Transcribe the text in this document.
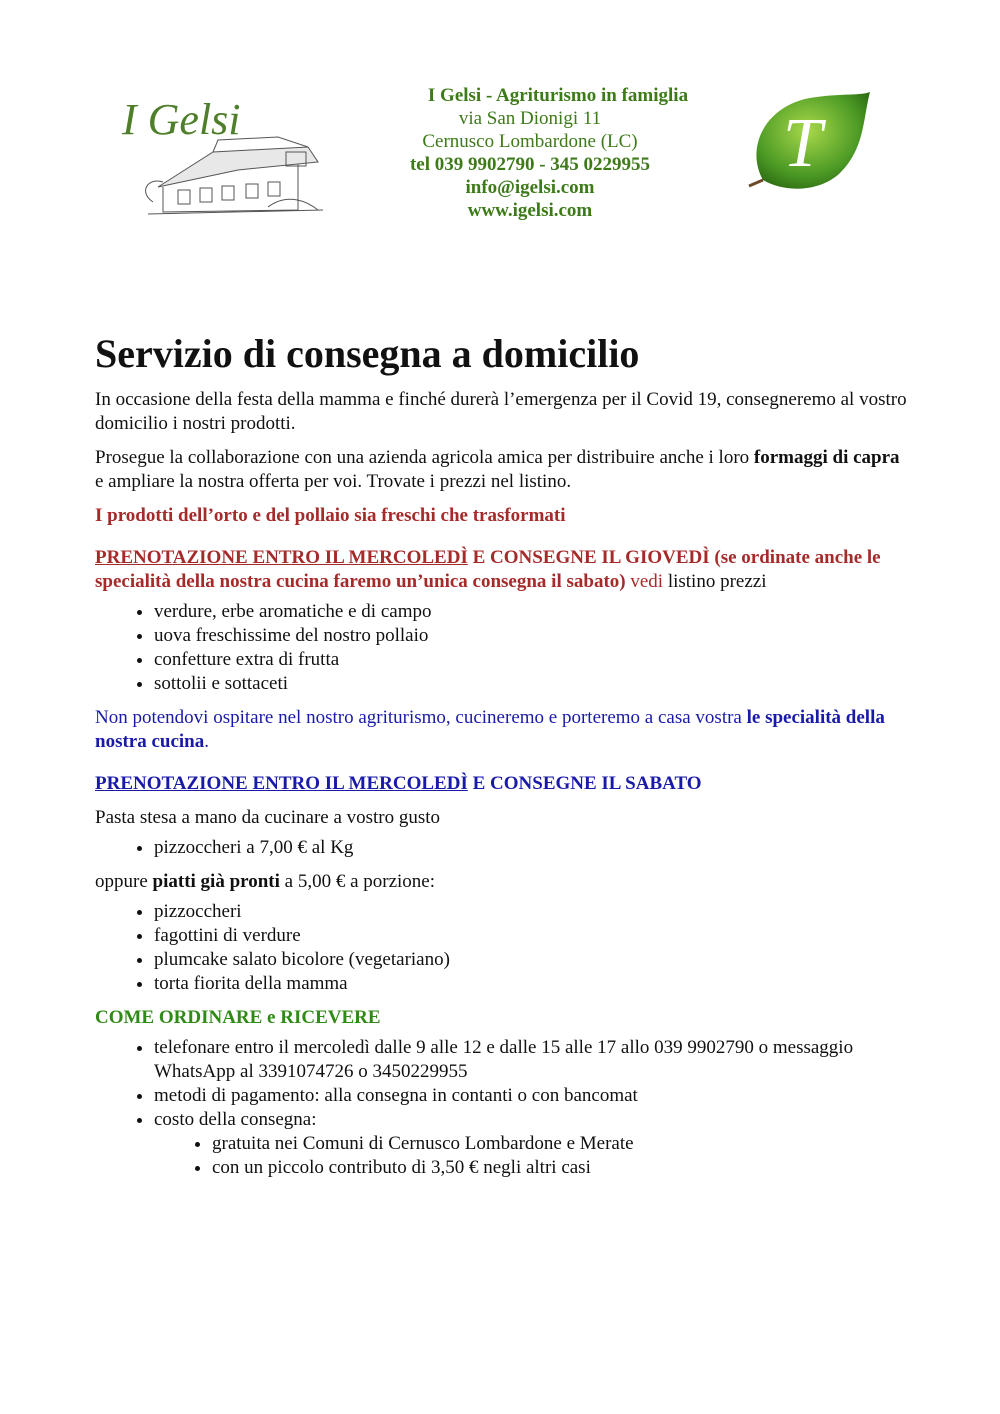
I Gelsi	I Gelsi - Agriturismo in famiglia
via San Dionigi 11
Cernusco Lombardone (LC)
tel 039 9902790 - 345 0229955
info@igelsi.com
www.igelsi.com
T
Servizio di consegna a domicilio

In occasione della festa della mamma e finché durerà l’emergenza per il Covid 19, consegneremo al vostro domicilio i nostri prodotti.

Prosegue la collaborazione con una azienda agricola amica per distribuire anche i loro formaggi di capra e ampliare la nostra offerta per voi. Trovate i prezzi nel listino.

I prodotti dell’orto e del pollaio sia freschi che trasformati

PRENOTAZIONE ENTRO IL MERCOLEDÌ E CONSEGNE IL GIOVEDÌ (se ordinate anche le specialità della nostra cucina faremo un’unica consegna il sabato) vedi listino prezzi

• verdure, erbe aromatiche e di campo
• uova freschissime del nostro pollaio
• confetture extra di frutta
• sottolii e sottaceti

Non potendovi ospitare nel nostro agriturismo, cucineremo e porteremo a casa vostra le specialità della nostra cucina.

PRENOTAZIONE ENTRO IL MERCOLEDÌ E CONSEGNE IL SABATO

Pasta stesa a mano da cucinare a vostro gusto

• pizzoccheri a 7,00 € al Kg

oppure piatti già pronti a 5,00 € a porzione:

• pizzoccheri
• fagottini di verdure
• plumcake salato bicolore (vegetariano)
• torta fiorita della mamma

COME ORDINARE e RICEVERE

• telefonare entro il mercoledì dalle 9 alle 12 e dalle 15 alle 17 allo 039 9902790 o messaggio WhatsApp al 3391074726 o 3450229955
• metodi di pagamento: alla consegna in contanti o con bancomat
• costo della consegna:
• gratuita nei Comuni di Cernusco Lombardone e Merate
• con un piccolo contributo di 3,50 € negli altri casi
